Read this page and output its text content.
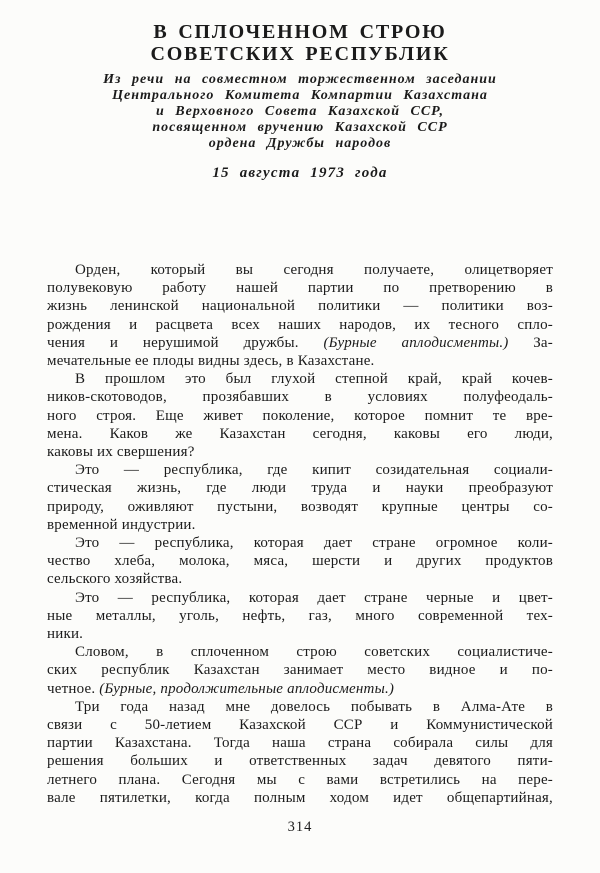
В СПЛОЧЕННОМ СТРОЮ
СОВЕТСКИХ РЕСПУБЛИК
Из речи на совместном торжественном заседании
Центрального Комитета Компартии Казахстана
и Верховного Совета Казахской ССР,
посвященном вручению Казахской ССР
ордена Дружбы народов
15 августа 1973 года

Орден, который вы сегодня получаете, олицетворяет
полувековую работу нашей партии по претворению в
жизнь ленинской национальной политики — политики воз-
рождения и расцвета всех наших народов, их тесного спло-
чения и нерушимой дружбы. (Бурные аплодисменты.) За-
мечательные ее плоды видны здесь, в Казахстане.

В прошлом это был глухой степной край, край кочев-
ников-скотоводов, прозябавших в условиях полуфеодаль-
ного строя. Еще живет поколение, которое помнит те вре-
мена. Каков же Казахстан сегодня, каковы его люди,
каковы их свершения?

Это — республика, где кипит созидательная социали-
стическая жизнь, где люди труда и науки преобразуют
природу, оживляют пустыни, возводят крупные центры со-
временной индустрии.

Это — республика, которая дает стране огромное коли-
чество хлеба, молока, мяса, шерсти и других продуктов
сельского хозяйства.

Это — республика, которая дает стране черные и цвет-
ные металлы, уголь, нефть, газ, много современной тех-
ники.

Словом, в сплоченном строю советских социалистиче-
ских республик Казахстан занимает место видное и по-
четное. (Бурные, продолжительные аплодисменты.)

Три года назад мне довелось побывать в Алма-Ате в
связи с 50-летием Казахской ССР и Коммунистической
партии Казахстана. Тогда наша страна собирала силы для
решения больших и ответственных задач девятого пяти-
летнего плана. Сегодня мы с вами встретились на пере-
вале пятилетки, когда полным ходом идет общепартийная,

314
